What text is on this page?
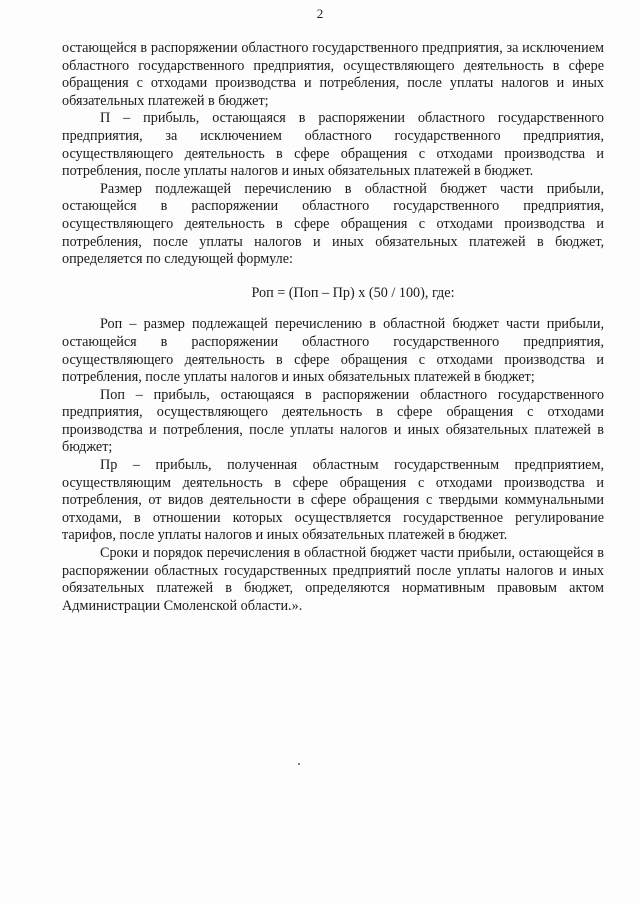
2

остающейся в распоряжении областного государственного предприятия, за исключением областного государственного предприятия, осуществляющего деятельность в сфере обращения с отходами производства и потребления, после уплаты налогов и иных обязательных платежей в бюджет;

П – прибыль, остающаяся в распоряжении областного государственного предприятия, за исключением областного государственного предприятия, осуществляющего деятельность в сфере обращения с отходами производства и потребления, после уплаты налогов и иных обязательных платежей в бюджет.

Размер подлежащей перечислению в областной бюджет части прибыли, остающейся в распоряжении областного государственного предприятия, осуществляющего деятельность в сфере обращения с отходами производства и потребления, после уплаты налогов и иных обязательных платежей в бюджет, определяется по следующей формуле:

Роп = (Поп – Пр) х (50 / 100), где:

Роп – размер подлежащей перечислению в областной бюджет части прибыли, остающейся в распоряжении областного государственного предприятия, осуществляющего деятельность в сфере обращения с отходами производства и потребления, после уплаты налогов и иных обязательных платежей в бюджет;

Поп – прибыль, остающаяся в распоряжении областного государственного предприятия, осуществляющего деятельность в сфере обращения с отходами производства и потребления, после уплаты налогов и иных обязательных платежей в бюджет;

Пр – прибыль, полученная областным государственным предприятием, осуществляющим деятельность в сфере обращения с отходами производства и потребления, от видов деятельности в сфере обращения с твердыми коммунальными отходами, в отношении которых осуществляется государственное регулирование тарифов, после уплаты налогов и иных обязательных платежей в бюджет.

Сроки и порядок перечисления в областной бюджет части прибыли, остающейся в распоряжении областных государственных предприятий после уплаты налогов и иных обязательных платежей в бюджет, определяются нормативным правовым актом Администрации Смоленской области.».
